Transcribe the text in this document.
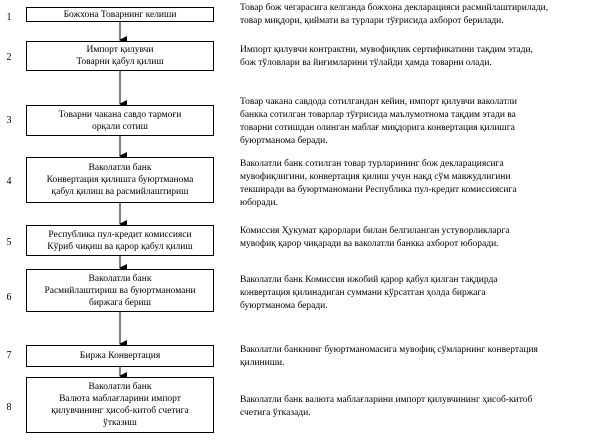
1	Божхона Товарнинг келиши
Товар бож чегарасига келганда божхона декларацияси расмийлаштирилади,
товар миқдори, қиймати ва турлари тўғрисида ахборот берилади.
2
Импорт қилувчи
Товарни қабул қилиш
Импорт қилувчи контрактни, мувофиқлик сертификатини тақдим этади,
бож тўловлари ва йиғимларини тўлайди ҳамда товарни олади.
3
Товарни чакана савдо тармоғи
орқали сотиш
Товар чакана савдода сотилгандан кейин, импорт қилувчи ваколатли
банкка сотилган товарлар тўғрисида маълумотнома тақдим этади ва
товарни сотишдан олинган маблағ миқдорига конвертация қилишга
буюртманома беради.
4
Ваколатли банк
Конвертация қилишга буюртманома
қабул қилиш ва расмийлаштириш
Ваколатли банк сотилган товар турларининг бож декларациясига
мувофиқлигини, конвертация қилиш учун нақд сўм мавжудлигини
текширади ва буюртманомани Республика пул-кредит комиссиясига
юборади.
5
Республика пул-кредит комиссияси
Кўриб чиқиш ва қарор қабул қилиш
Комиссия Ҳукумат қарорлари билан белгиланган устуворликларга
мувофиқ қарор чиқаради ва ваколатли банкка ахборот юборади.
6
Ваколатли банк
Расмийлаштириш ва буюртманомани
биржага бериш
Ваколатли банк Комиссия ижобий қарор қабул қилган тақдирда
конвертация қилинадиган суммани кўрсатган ҳолда биржага
буюртманома беради.
7	Биржа Конвертация
Ваколатли банкнинг буюртманомасига мувофиқ сўмларнинг конвертация
қилиниши.
8
Ваколатли банк
Валюта маблағларини импорт
қилувчининг ҳисоб-китоб счетига
ўтказиш
Ваколатли банк валюта маблағларини импорт қилувчининг ҳисоб-китоб
счетига ўтказади.
